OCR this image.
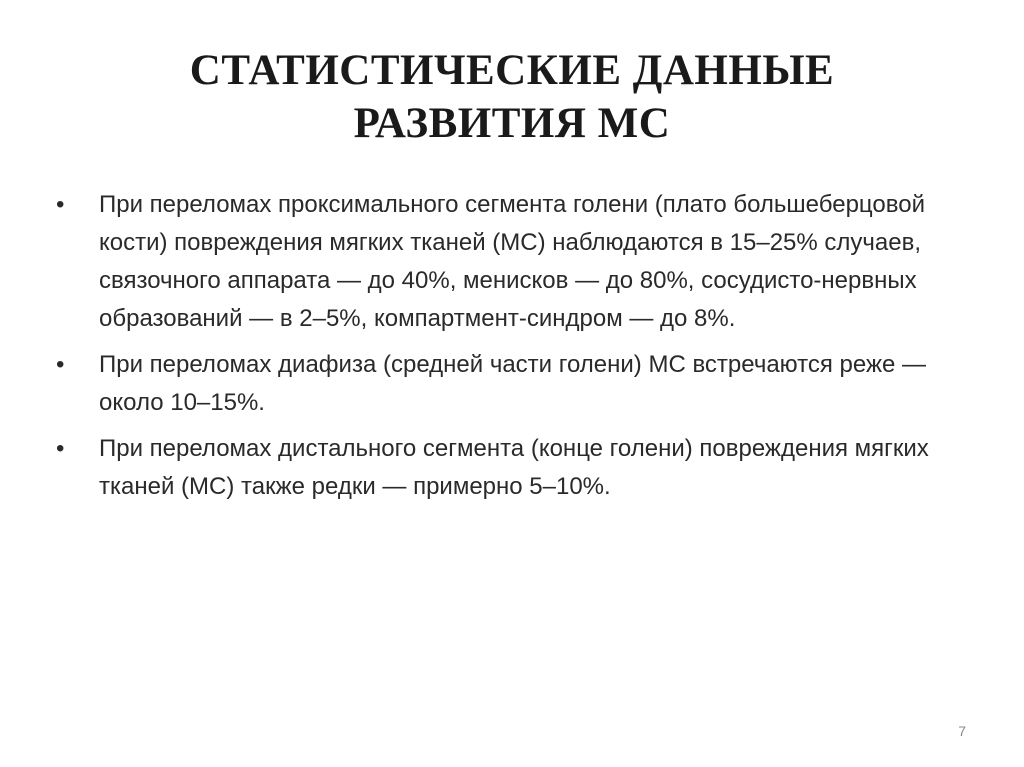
СТАТИСТИЧЕСКИЕ ДАННЫЕ
РАЗВИТИЯ МС
•	При переломах проксимального сегмента голени (плато большеберцовой кости) повреждения мягких тканей (МС) наблюдаются в 15–25% случаев, связочного аппарата — до 40%, менисков — до 80%, сосудисто-нервных образований — в 2–5%, компартмент-синдром — до 8%.
•	При переломах диафиза (средней части голени) МС встречаются реже — около 10–15%.
•	При переломах дистального сегмента (конце голени) повреждения мягких тканей (МС) также редки — примерно 5–10%.
7
